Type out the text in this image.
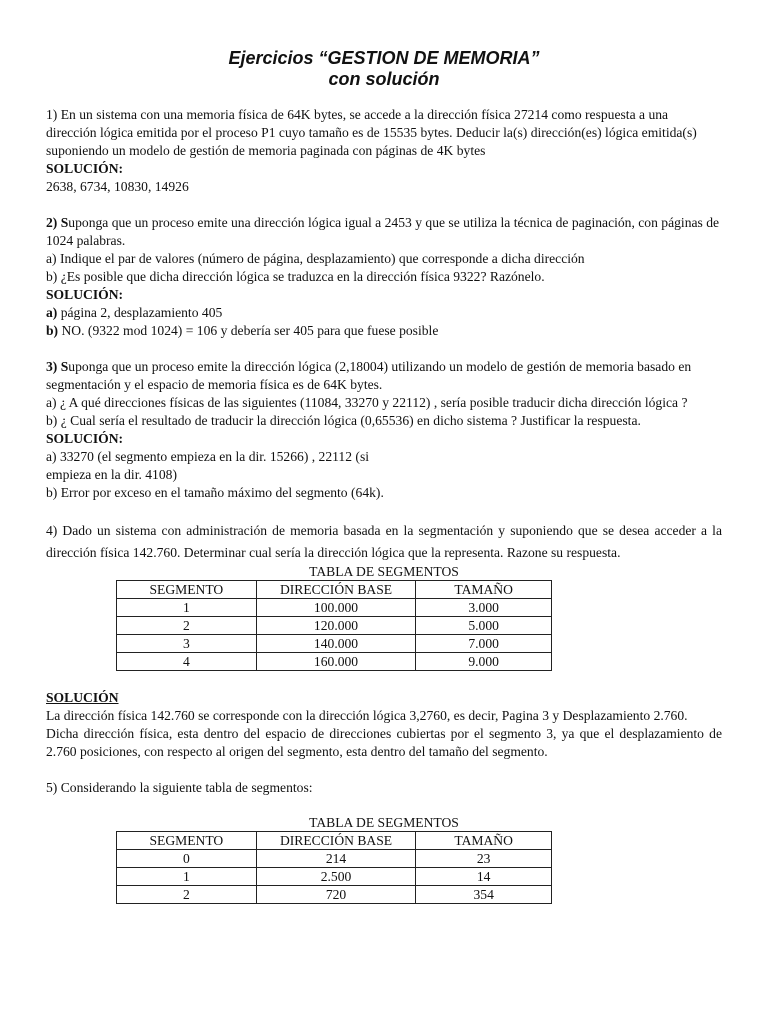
Ejercicios “GESTION DE MEMORIA”
con solución

1) En un sistema con una memoria física de 64K bytes, se accede a la dirección física 27214 como respuesta a una dirección lógica emitida por el proceso P1 cuyo tamaño es de 15535 bytes. Deducir la(s) dirección(es) lógica emitida(s) suponiendo un modelo de gestión de memoria paginada con páginas de 4K bytes

SOLUCIÓN:

2638, 6734, 10830, 14926

2) Suponga que un proceso emite una dirección lógica igual a 2453 y que se utiliza la técnica de paginación, con páginas de 1024 palabras.

a) Indique el par de valores (número de página, desplazamiento) que corresponde a dicha dirección

b) ¿Es posible que dicha dirección lógica se traduzca en la dirección física 9322? Razónelo.

SOLUCIÓN:

a) página 2, desplazamiento 405

b) NO. (9322 mod 1024) = 106 y debería ser 405 para que fuese posible

3) Suponga que un proceso emite la dirección lógica (2,18004) utilizando un modelo de gestión de memoria basado en segmentación y el espacio de memoria física es de 64K bytes.

a) ¿ A qué direcciones físicas de las siguientes (11084, 33270 y 22112) , sería posible traducir dicha dirección lógica ?

b) ¿ Cual sería el resultado de traducir la dirección lógica (0,65536) en dicho sistema ? Justificar la respuesta.

SOLUCIÓN:

a) 33270 (el segmento empieza en la dir. 15266) , 22112 (si

empieza en la dir. 4108)

b) Error por exceso en el tamaño máximo del segmento (64k).

4) Dado un sistema con administración de memoria basada en la segmentación y suponiendo que se desea acceder a la dirección física 142.760. Determinar cual sería la dirección lógica que la representa. Razone su respuesta.

TABLA DE SEGMENTOS

SEGMENTO	DIRECCIÓN BASE	TAMAÑO
1	100.000	3.000
2	120.000	5.000
3	140.000	7.000
4	160.000	9.000

SOLUCIÓN

La dirección física 142.760 se corresponde con la dirección lógica 3,2760, es decir, Pagina 3 y Desplazamiento 2.760.

Dicha dirección física, esta dentro del espacio de direcciones cubiertas por el segmento 3, ya que el desplazamiento de 2.760 posiciones, con respecto al origen del segmento, esta dentro del tamaño del segmento.

5) Considerando la siguiente tabla de segmentos:

TABLA DE SEGMENTOS

SEGMENTO	DIRECCIÓN BASE	TAMAÑO
0	214	23
1	2.500	14
2	720	354
